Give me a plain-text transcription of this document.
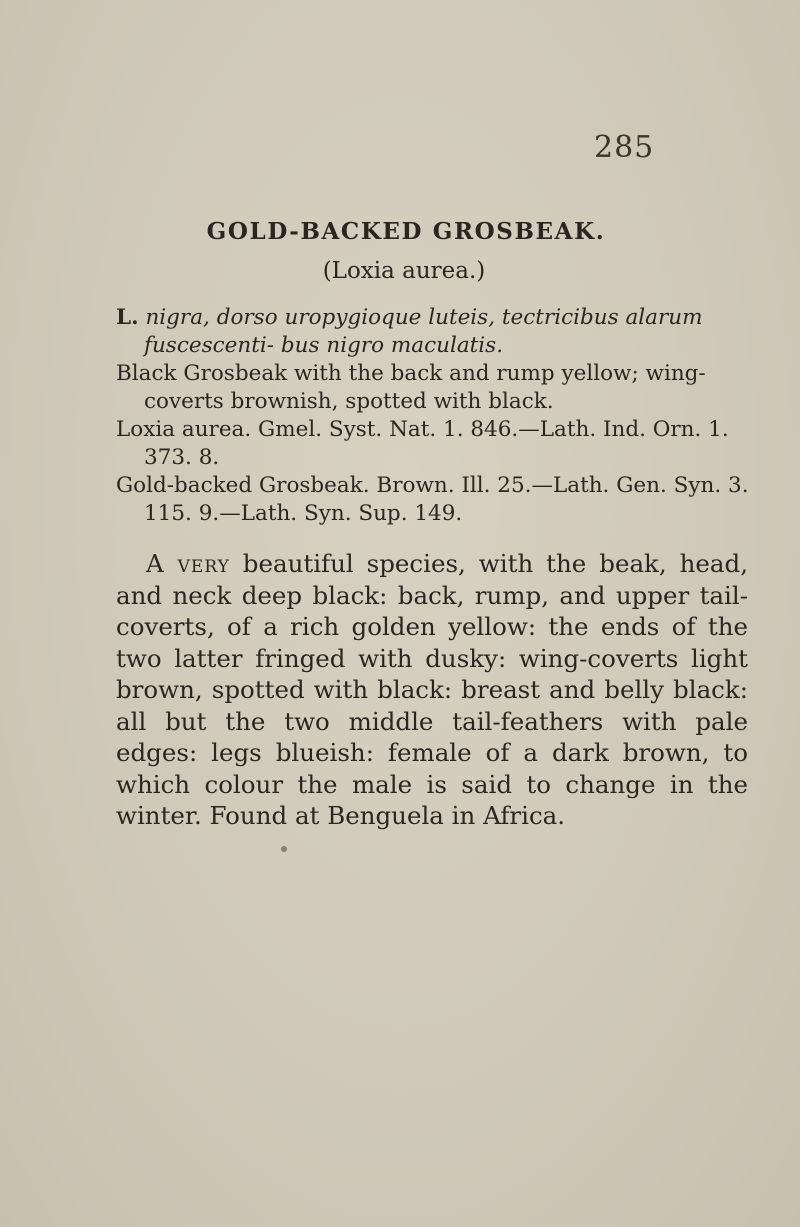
285
GOLD-BACKED GROSBEAK.
(Loxia aurea.)

L. nigra, dorso uropygioque luteis, tectricibus alarum fuscescenti- bus nigro maculatis.

Black Grosbeak with the back and rump yellow; wing-coverts brownish, spotted with black.

Loxia aurea. Gmel. Syst. Nat. 1. 846.—Lath. Ind. Orn. 1. 373. 8.

Gold-backed Grosbeak. Brown. Ill. 25.—Lath. Gen. Syn. 3. 115. 9.—Lath. Syn. Sup. 149.

A very beautiful species, with the beak, head, and neck deep black: back, rump, and upper tail-coverts, of a rich golden yellow: the ends of the two latter fringed with dusky: wing-coverts light brown, spotted with black: breast and belly black: all but the two middle tail-feathers with pale edges: legs blueish: female of a dark brown, to which colour the male is said to change in the winter. Found at Benguela in Africa.
